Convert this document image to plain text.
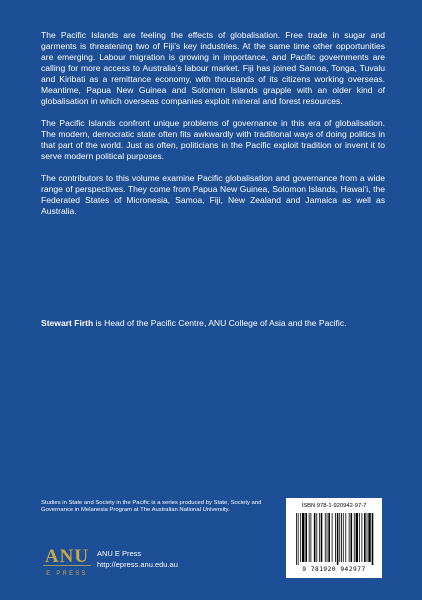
The Pacific Islands are feeling the effects of globalisation. Free trade in sugar and garments is threatening two of Fiji’s key industries. At the same time other opportunities are emerging. Labour migration is growing in importance, and Pacific governments are calling for more access to Australia’s labour market. Fiji has joined Samoa, Tonga, Tuvalu and Kiribati as a remittance economy, with thousands of its citizens working overseas. Meantime, Papua New Guinea and Solomon Islands grapple with an older kind of globalisation in which overseas companies exploit mineral and forest resources.

The Pacific Islands confront unique problems of governance in this era of globalisation. The modern, democratic state often fits awkwardly with traditional ways of doing politics in that part of the world. Just as often, politicians in the Pacific exploit tradition or invent it to serve modern political purposes.

The contributors to this volume examine Pacific globalisation and governance from a wide range of perspectives. They come from Papua New Guinea, Solomon Islands, Hawai‘i, the Federated States of Micronesia, Samoa, Fiji, New Zealand and Jamaica as well as Australia.

Stewart Firth is Head of the Pacific Centre, ANU College of Asia and the Pacific.

Studies in State and Society in the Pacific is a series produced by State, Society and Governance in Melanesia Program at The Australian National University.

ANU
E PRESS
ANU E Press
http://epress.anu.edu.au
ISBN 978-1-920942-97-7
9 781920 942977
